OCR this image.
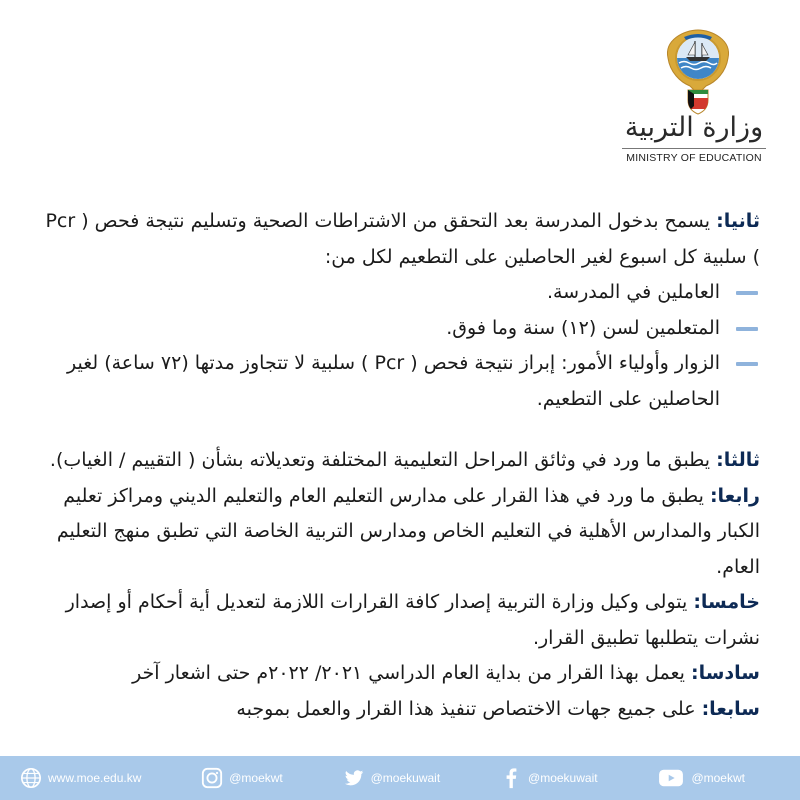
وزارة التربية
MINISTRY OF EDUCATION

ثانيا: يسمح بدخول المدرسة بعد التحقق من الاشتراطات الصحية وتسليم نتيجة فحص ( Pcr ) سلبية كل اسبوع لغير الحاصلين على التطعيم لكل من:

العاملين في المدرسة.
المتعلمين لسن (١٢) سنة وما فوق.
الزوار وأولياء الأمور: إبراز نتيجة فحص ( Pcr ) سلبية لا تتجاوز مدتها (٧٢ ساعة) لغير الحاصلين على التطعيم.

ثالثا: يطبق ما ورد في وثائق المراحل التعليمية المختلفة وتعديلاته بشأن ( التقييم / الغياب).

رابعا: يطبق ما ورد في هذا القرار على مدارس التعليم العام والتعليم الديني ومراكز تعليم الكبار والمدارس الأهلية في التعليم الخاص ومدارس التربية الخاصة التي تطبق منهج التعليم العام.

خامسا: يتولى وكيل وزارة التربية إصدار كافة القرارات اللازمة لتعديل أية أحكام أو إصدار نشرات يتطلبها تطبيق القرار.

سادسا: يعمل بهذا القرار من بداية العام الدراسي ٢٠٢١/ ٢٠٢٢م حتى اشعار آخر

سابعا: على جميع جهات الاختصاص تنفيذ هذا القرار والعمل بموجبه

www.moe.edu.kw	@moekwt	@moekuwait	@moekuwait	@moekwt
